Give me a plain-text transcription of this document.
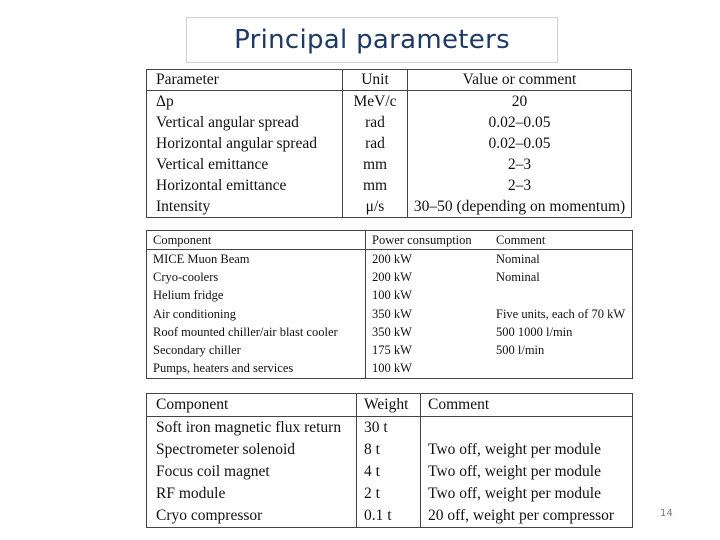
Principal parameters
Parameter	Unit	Value or comment
Δp	MeV/c	20
Vertical angular spread	rad	0.02–0.05
Horizontal angular spread	rad	0.02–0.05
Vertical emittance	mm	2–3
Horizontal emittance	mm	2–3
Intensity	μ/s	30–50 (depending on momentum)
Component	Power consumption	Comment
MICE Muon Beam	200 kW	Nominal
Cryo-coolers	200 kW	Nominal
Helium fridge	100 kW	
Air conditioning	350 kW	Five units, each of 70 kW
Roof mounted chiller/air blast cooler	350 kW	500 1000 l/min
Secondary chiller	175 kW	500 l/min
Pumps, heaters and services	100 kW	
Component	Weight	Comment
Soft iron magnetic flux return	30 t	
Spectrometer solenoid	8 t	Two off, weight per module
Focus coil magnet	4 t	Two off, weight per module
RF module	2 t	Two off, weight per module
Cryo compressor	0.1 t	20 off, weight per compressor	14
